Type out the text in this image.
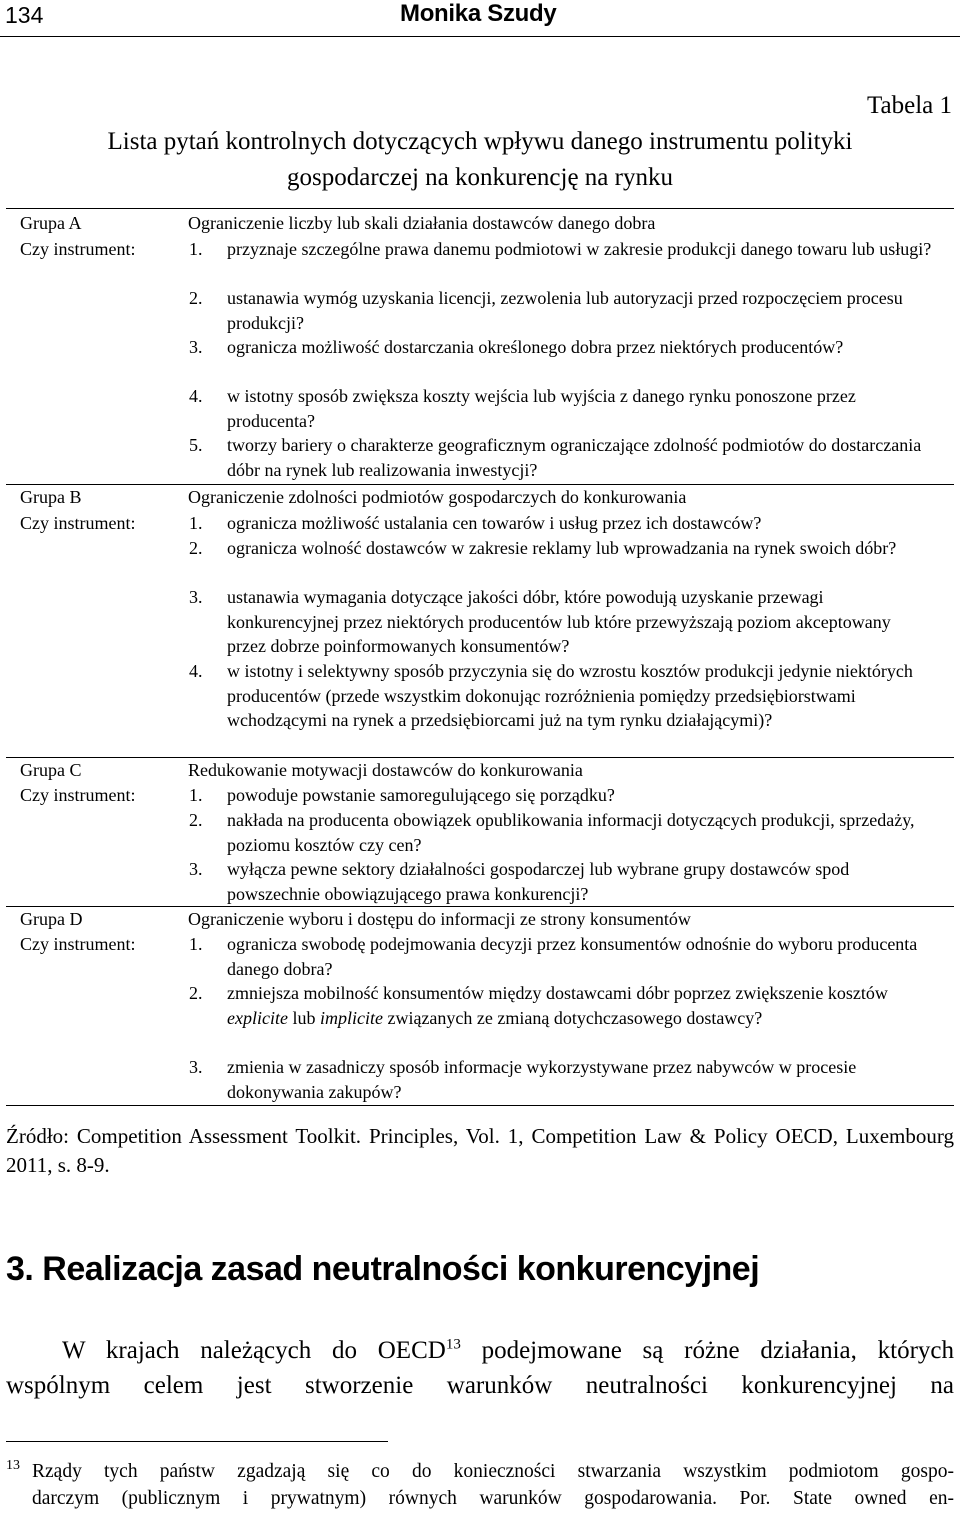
134	Monika Szudy
Tabela 1
Lista pytań kontrolnych dotyczących wpływu danego instrumentu polityki
gospodarczej na konkurencję na rynku
Grupa A	Ograniczenie liczby lub skali działania dostawców danego dobra
Czy instrument:	1. przyznaje szczególne prawa danemu podmiotowi w zakresie produkcji danego towaru lub usługi?
2. ustanawia wymóg uzyskania licencji, zezwolenia lub autoryzacji przed rozpoczęciem procesu produkcji?
3. ogranicza możliwość dostarczania określonego dobra przez niektórych producentów?
4. w istotny sposób zwiększa koszty wejścia lub wyjścia z danego rynku ponoszone przez producenta?
5. tworzy bariery o charakterze geograficznym ograniczające zdolność podmiotów do dostarczania dóbr na rynek lub realizowania inwestycji?
Grupa B	Ograniczenie zdolności podmiotów gospodarczych do konkurowania
Czy instrument:	1. ogranicza możliwość ustalania cen towarów i usług przez ich dostawców?
2. ogranicza wolność dostawców w zakresie reklamy lub wprowadzania na rynek swoich dóbr?
3. ustanawia wymagania dotyczące jakości dóbr, które powodują uzyskanie przewagi konkurencyjnej przez niektórych producentów lub które przewyższają poziom akceptowany przez dobrze poinformowanych konsumentów?
4. w istotny i selektywny sposób przyczynia się do wzrostu kosztów produkcji jedynie niektórych producentów (przede wszystkim dokonując rozróżnienia pomiędzy przedsiębiorstwami wchodzącymi na rynek a przedsiębiorcami już na tym rynku działającymi)?
Grupa C	Redukowanie motywacji dostawców do konkurowania
Czy instrument:	1. powoduje powstanie samoregulującego się porządku?
2. nakłada na producenta obowiązek opublikowania informacji dotyczących produkcji, sprzedaży, poziomu kosztów czy cen?
3. wyłącza pewne sektory działalności gospodarczej lub wybrane grupy dostawców spod powszechnie obowiązującego prawa konkurencji?
Grupa D	Ograniczenie wyboru i dostępu do informacji ze strony konsumentów
Czy instrument:	1. ogranicza swobodę podejmowania decyzji przez konsumentów odnośnie do wyboru producenta danego dobra?
2. zmniejsza mobilność konsumentów między dostawcami dóbr poprzez zwiększenie kosztów explicite lub implicite związanych ze zmianą dotychczasowego dostawcy?
3. zmienia w zasadniczy sposób informacje wykorzystywane przez nabywców w procesie dokonywania zakupów?
Źródło: Competition Assessment Toolkit. Principles, Vol. 1, Competition Law & Policy OECD, Luxembourg 2011, s. 8-9.
3. Realizacja zasad neutralności konkurencyjnej
W krajach należących do OECD$^{13}$ podejmowane są różne działania, których
wspólnym celem jest stworzenie warunków neutralności konkurencyjnej na
13 Rządy tych państw zgadzają się co do konieczności stwarzania wszystkim podmiotom gospo-
darczym (publicznym i prywatnym) równych warunków gospodarowania. Por. State owned en-
